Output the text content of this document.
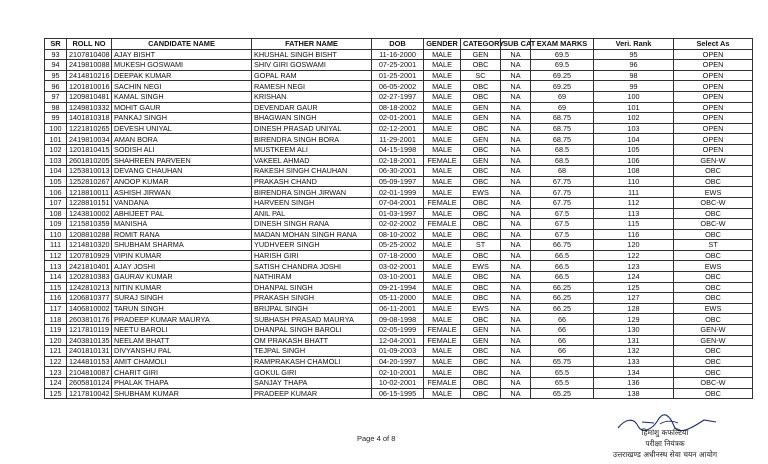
SR	ROLL NO	CANDIDATE NAME	FATHER NAME	DOB	GENDER	CATEGORY	SUB CAT	EXAM MARKS	Veri. Rank	Select As
93	2107810408	AJAY BISHT	KHUSHAL SINGH BISHT	11-16-2000	MALE	GEN	NA	69.5	95	OPEN
94	2419810088	MUKESH GOSWAMI	SHIV GIRI GOSWAMI	07-25-2001	MALE	OBC	NA	69.5	96	OPEN
95	2414810216	DEEPAK KUMAR	GOPAL RAM	01-25-2001	MALE	SC	NA	69.25	98	OPEN
96	1201810016	SACHIN NEGI	RAMESH NEGI	06-05-2002	MALE	OBC	NA	69.25	99	OPEN
97	1209810481	KAMAL SINGH	KRISHAN	02-27-1997	MALE	OBC	NA	69	100	OPEN
98	1249810332	MOHIT GAUR	DEVENDAR GAUR	08-18-2002	MALE	GEN	NA	69	101	OPEN
99	1401810318	PANKAJ SINGH	BHAGWAN SINGH	02-01-2001	MALE	GEN	NA	68.75	102	OPEN
100	1221810265	DEVESH UNIYAL	DINESH PRASAD UNIYAL	02-12-2001	MALE	OBC	NA	68.75	103	OPEN
101	2419810034	AMAN BORA	BIRENDRA SINGH BORA	11-29-2001	MALE	GEN	NA	68.75	104	OPEN
102	1201810415	SODISH ALI	MUSTKEEM ALI	04-15-1998	MALE	OBC	NA	68.5	105	OPEN
103	2601810205	SHAHREEN PARVEEN	VAKEEL AHMAD	02-18-2001	FEMALE	GEN	NA	68.5	106	GEN-W
104	1253810013	DEVANG CHAUHAN	RAKESH SINGH CHAUHAN	06-30-2001	MALE	OBC	NA	68	108	OBC
105	1252810267	ANOOP KUMAR	PRAKASH CHAND	05-09-1997	MALE	OBC	NA	67.75	110	OBC
106	1218810011	ASHISH JIRWAN	BIRENDRA SINGH JIRWAN	02-01-1999	MALE	EWS	NA	67.75	111	EWS
107	1228810151	VANDANA	HARVEEN SINGH	07-04-2001	FEMALE	OBC	NA	67.75	112	OBC-W
108	1243810002	ABHIJEET PAL	ANIL PAL	01-03-1997	MALE	OBC	NA	67.5	113	OBC
109	1215810359	MANISHA	DINESH SINGH RANA	02-02-2002	FEMALE	OBC	NA	67.5	115	OBC-W
110	1208810288	ROMIT RANA	MADAN MOHAN SINGH RANA	08-10-2002	MALE	OBC	NA	67.5	116	OBC
111	1214810320	SHUBHAM SHARMA	YUDHVEER SINGH	05-25-2002	MALE	ST	NA	66.75	120	ST
112	1207810929	VIPIN KUMAR	HARISH GIRI	07-18-2000	MALE	OBC	NA	66.5	122	OBC
113	2421810401	AJAY JOSHI	SATISH CHANDRA JOSHI	03-02-2001	MALE	EWS	NA	66.5	123	EWS
114	1202810383	GAURAV KUMAR	NATHIRAM	03-10-2001	MALE	OBC	NA	66.5	124	OBC
115	1242810213	NITIN KUMAR	DHANPAL SINGH	09-21-1994	MALE	OBC	NA	66.25	125	OBC
116	1206810377	SURAJ SINGH	PRAKASH SINGH	05-11-2000	MALE	OBC	NA	66.25	127	OBC
117	1406810002	TARUN SINGH	BRIJPAL SINGH	06-11-2001	MALE	EWS	NA	66.25	128	EWS
118	2603810176	PRADEEP KUMAR MAURYA	SUBHASH PRASAD MAURYA	09-08-1998	MALE	OBC	NA	66	129	OBC
119	1217810119	NEETU BAROLI	DHANPAL SINGH BAROLI	02-05-1999	FEMALE	GEN	NA	66	130	GEN-W
120	2403810135	NEELAM BHATT	OM PRAKASH BHATT	12-04-2001	FEMALE	GEN	NA	66	131	GEN-W
121	2401810131	DIVYANSHU PAL	TEJPAL SINGH	01-09-2003	MALE	OBC	NA	66	132	OBC
122	1244810153	AMIT CHAMOLI	RAMPRAKASH CHAMOLI	04-20-1997	MALE	OBC	NA	65.75	133	OBC
123	2104810087	CHARIT GIRI	GOKUL GIRI	02-10-2001	MALE	OBC	NA	65.5	134	OBC
124	2605810124	PHALAK THAPA	SANJAY THAPA	10-02-2001	FEMALE	OBC	NA	65.5	136	OBC-W
125	1217810042	SHUBHAM KUMAR	PRADEEP KUMAR	06-15-1995	MALE	OBC	NA	65.25	138	OBC
Page 4 of 8
हिमांशु कफल्टिया
परीक्षा नियंत्रक
उत्तराखण्ड अधीनस्थ सेवा चयन आयोग
